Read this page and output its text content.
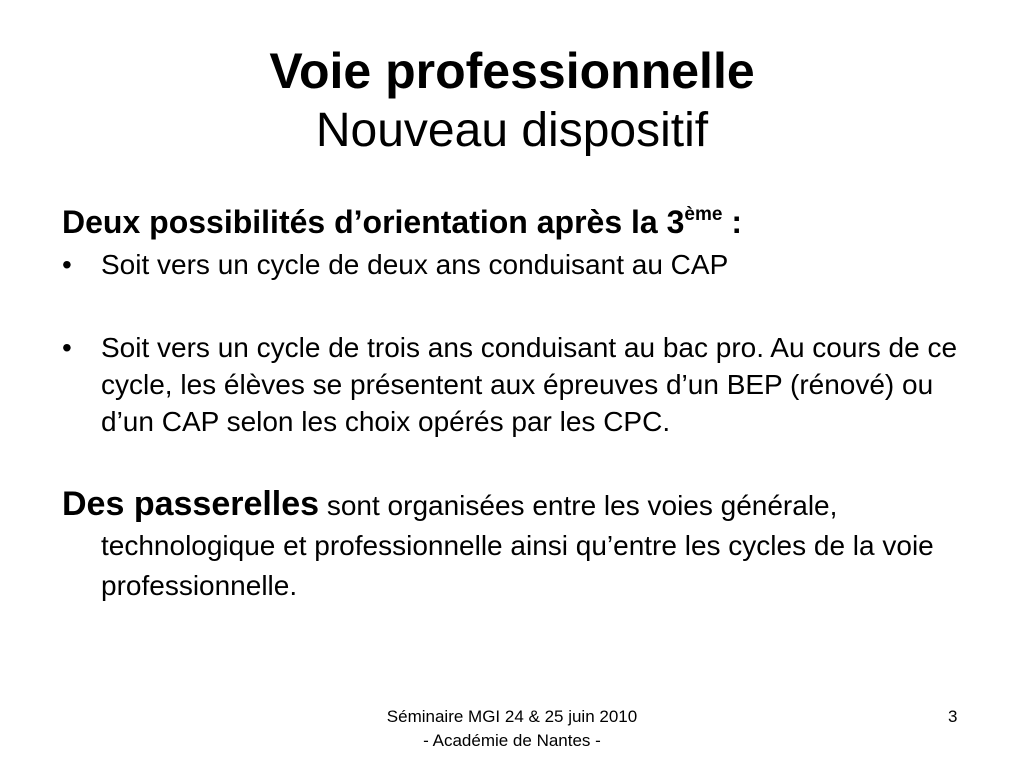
Voie professionnelle
Nouveau dispositif

Deux possibilités d’orientation après la 3ème :

• Soit vers un cycle de deux ans conduisant au CAP
• Soit vers un cycle de trois ans conduisant au bac pro. Au cours de ce cycle, les élèves se présentent aux épreuves d’un BEP (rénové) ou d’un CAP selon les choix opérés par les CPC.

Des passerelles sont organisées entre les voies générale, technologique et professionnelle ainsi qu’entre les cycles de la voie professionnelle.

Séminaire MGI 24 & 25 juin 2010
- Académie de Nantes -
3
